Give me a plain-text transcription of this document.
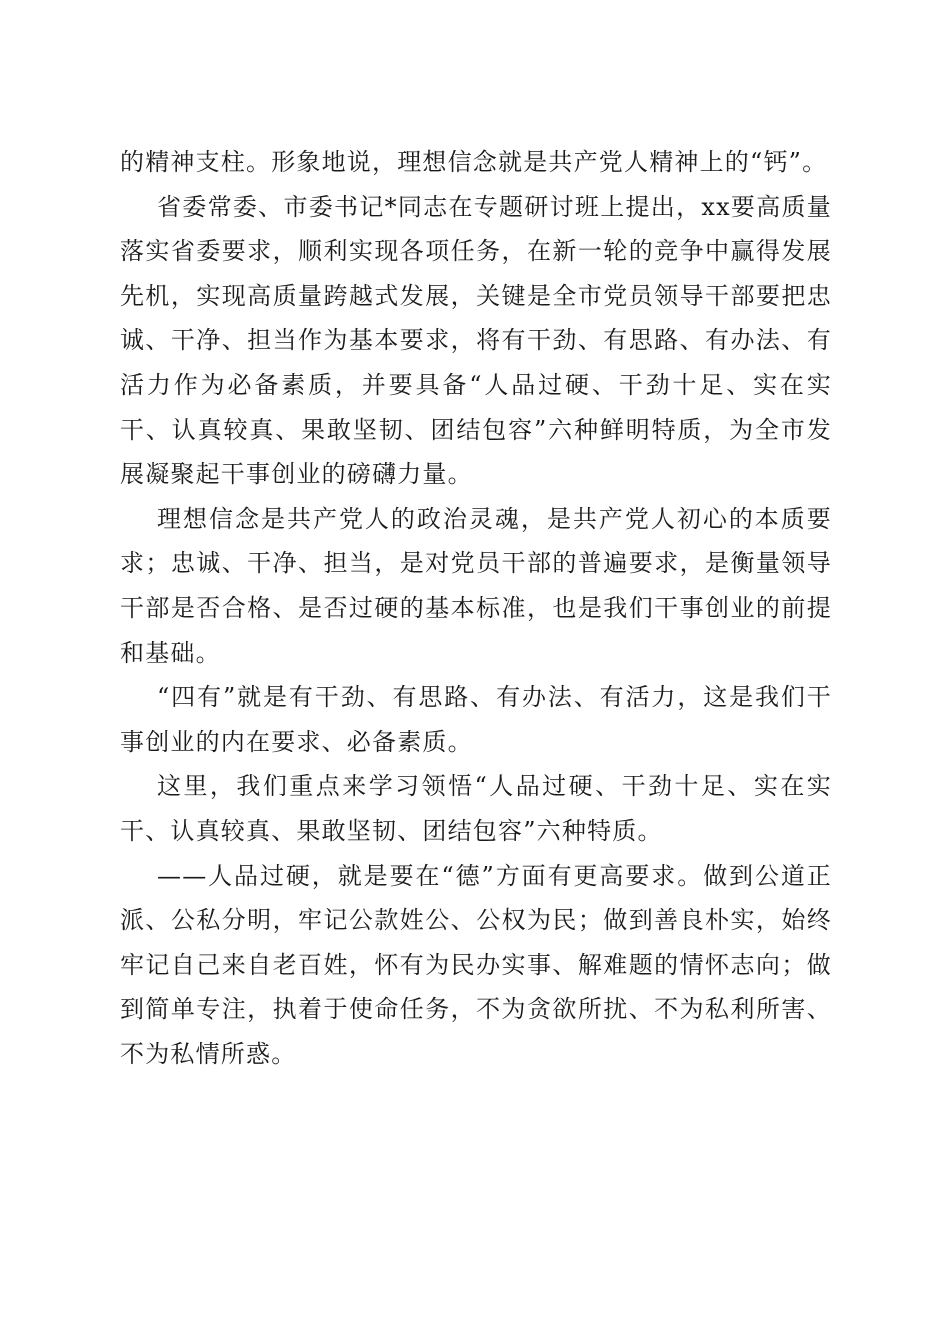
的精神支柱。形象地说，理想信念就是共产党人精神上的“钙”。

省委常委、市委书记*同志在专题研讨班上提出，xx要高质量落实省委要求，顺利实现各项任务，在新一轮的竞争中赢得发展先机，实现高质量跨越式发展，关键是全市党员领导干部要把忠诚、干净、担当作为基本要求，将有干劲、有思路、有办法、有活力作为必备素质，并要具备“人品过硬、干劲十足、实在实干、认真较真、果敢坚韧、团结包容”六种鲜明特质，为全市发展凝聚起干事创业的磅礴力量。

理想信念是共产党人的政治灵魂，是共产党人初心的本质要求；忠诚、干净、担当，是对党员干部的普遍要求，是衡量领导干部是否合格、是否过硬的基本标准，也是我们干事创业的前提和基础。

“四有”就是有干劲、有思路、有办法、有活力，这是我们干事创业的内在要求、必备素质。

这里，我们重点来学习领悟“人品过硬、干劲十足、实在实干、认真较真、果敢坚韧、团结包容”六种特质。

——人品过硬，就是要在“德”方面有更高要求。做到公道正派、公私分明，牢记公款姓公、公权为民；做到善良朴实，始终牢记自己来自老百姓，怀有为民办实事、解难题的情怀志向；做到简单专注，执着于使命任务，不为贪欲所扰、不为私利所害、不为私情所惑。
